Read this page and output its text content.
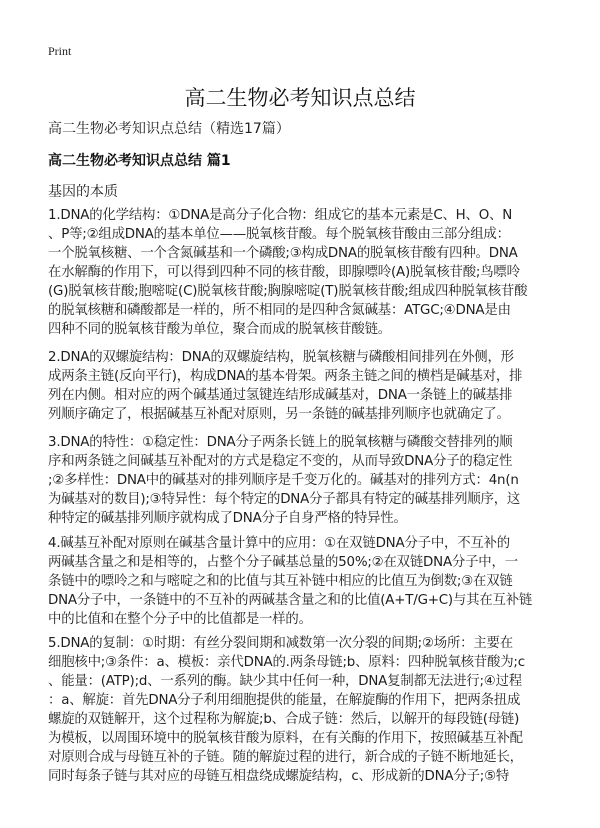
Print
高二生物必考知识点总结
高二生物必考知识点总结（精选17篇）
高二生物必考知识点总结 篇1
基因的本质
1.DNA的化学结构：①DNA是高分子化合物：组成它的基本元素是C、H、O、N
、P等;②组成DNA的基本单位——脱氧核苷酸。每个脱氧核苷酸由三部分组成：
一个脱氧核糖、一个含氮碱基和一个磷酸;③构成DNA的脱氧核苷酸有四种。DNA
在水解酶的作用下，可以得到四种不同的核苷酸，即腺嘌呤(A)脱氧核苷酸;鸟嘌呤
(G)脱氧核苷酸;胞嘧啶(C)脱氧核苷酸;胸腺嘧啶(T)脱氧核苷酸;组成四种脱氧核苷酸
的脱氧核糖和磷酸都是一样的，所不相同的是四种含氮碱基：ATGC;④DNA是由
四种不同的脱氧核苷酸为单位，聚合而成的脱氧核苷酸链。
2.DNA的双螺旋结构：DNA的双螺旋结构，脱氧核糖与磷酸相间排列在外侧，形
成两条主链(反向平行)，构成DNA的基本骨架。两条主链之间的横档是碱基对，排
列在内侧。相对应的两个碱基通过氢键连结形成碱基对，DNA一条链上的碱基排
列顺序确定了，根据碱基互补配对原则，另一条链的碱基排列顺序也就确定了。
3.DNA的特性：①稳定性：DNA分子两条长链上的脱氧核糖与磷酸交替排列的顺
序和两条链之间碱基互补配对的方式是稳定不变的，从而导致DNA分子的稳定性
;②多样性：DNA中的碱基对的排列顺序是千变万化的。碱基对的排列方式：4n(n
为碱基对的数目);③特异性：每个特定的DNA分子都具有特定的碱基排列顺序，这
种特定的碱基排列顺序就构成了DNA分子自身严格的特异性。
4.碱基互补配对原则在碱基含量计算中的应用：①在双链DNA分子中，不互补的
两碱基含量之和是相等的，占整个分子碱基总量的50%;②在双链DNA分子中，一
条链中的嘌呤之和与嘧啶之和的比值与其互补链中相应的比值互为倒数;③在双链
DNA分子中，一条链中的不互补的两碱基含量之和的比值(A+T/G+C)与其在互补链
中的比值和在整个分子中的比值都是一样的。
5.DNA的复制：①时期：有丝分裂间期和减数第一次分裂的间期;②场所：主要在
细胞核中;③条件：a、模板：亲代DNA的.两条母链;b、原料：四种脱氧核苷酸为;c
、能量：(ATP);d、一系列的酶。缺少其中任何一种，DNA复制都无法进行;④过程
：a、解旋：首先DNA分子利用细胞提供的能量，在解旋酶的作用下，把两条扭成
螺旋的双链解开，这个过程称为解旋;b、合成子链：然后，以解开的每段链(母链)
为模板，以周围环境中的脱氧核苷酸为原料，在有关酶的作用下，按照碱基互补配
对原则合成与母链互补的子链。随的解旋过程的进行，新合成的子链不断地延长，
同时每条子链与其对应的母链互相盘绕成螺旋结构，c、形成新的DNA分子;⑤特
